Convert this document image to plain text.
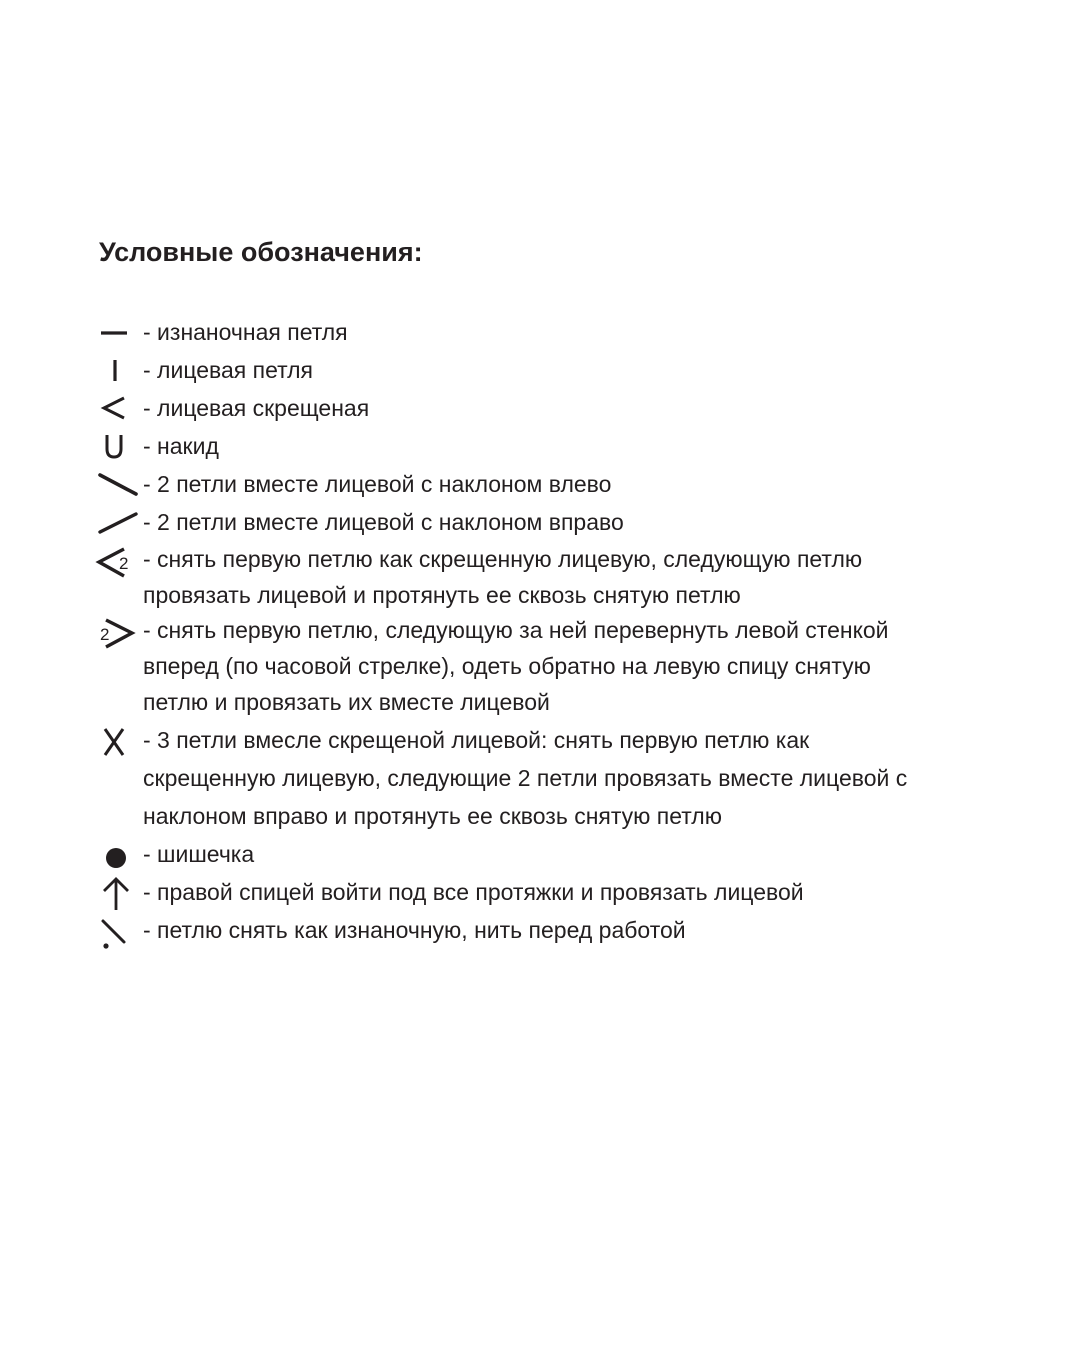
Условные обозначения:
- изнаночная петля
- лицевая петля
- лицевая скрещеная
- накид
- 2 петли вместе лицевой с наклоном влево
- 2 петли вместе лицевой с наклоном вправо
2 - снять первую петлю как скрещенную лицевую, следующую петлю
провязать лицевой и протянуть ее сквозь снятую петлю
2 - снять первую петлю, следующую за ней перевернуть левой стенкой
вперед (по часовой стрелке), одеть обратно на левую спицу снятую
петлю и провязать их вместе лицевой
- 3 петли вмесле скрещеной лицевой: снять первую петлю как
скрещенную лицевую, следующие 2 петли провязать вместе лицевой с
наклоном вправо и протянуть ее сквозь снятую петлю
- шишечка
- правой спицей войти под все протяжки и провязать лицевой
- петлю снять как изнаночную, нить перед работой
